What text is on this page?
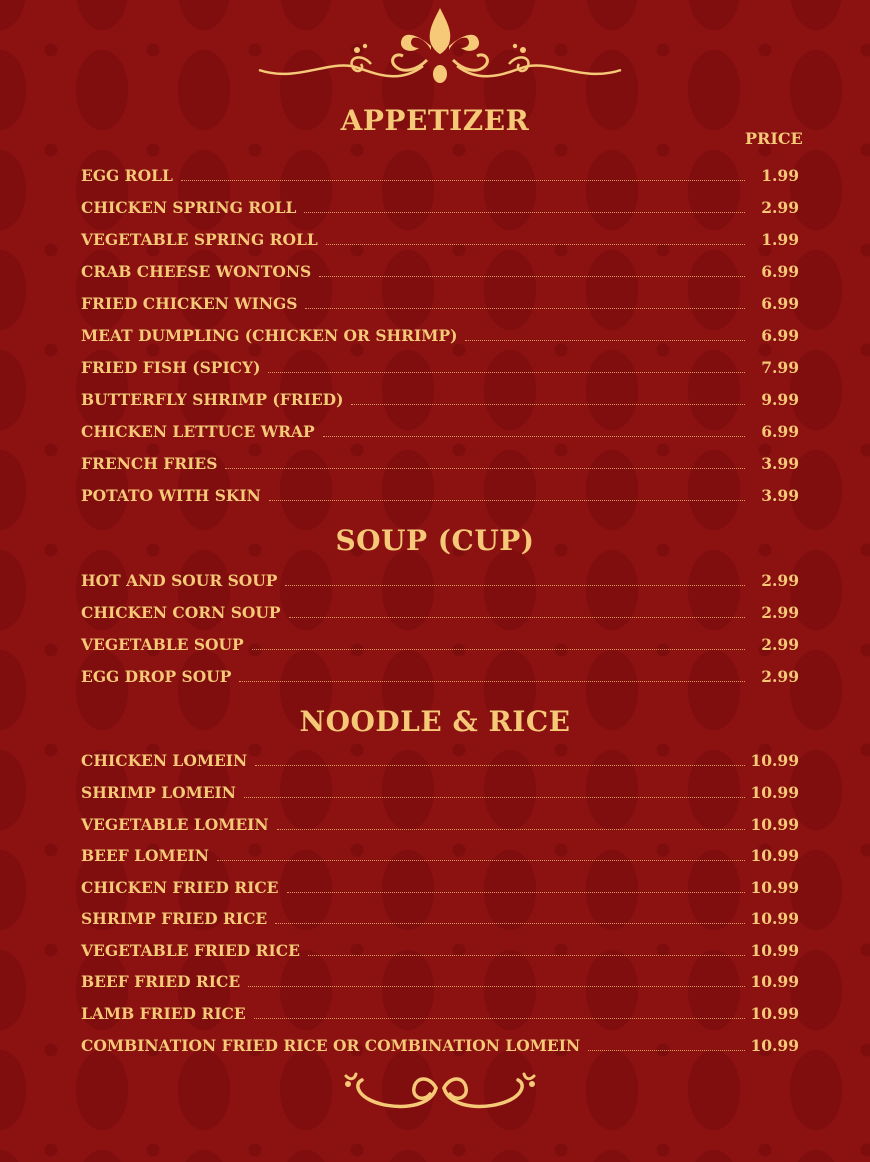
PRICE
APPETIZER
EGG ROLL	1.99
CHICKEN SPRING ROLL	2.99
VEGETABLE SPRING ROLL	1.99
CRAB CHEESE WONTONS	6.99
FRIED CHICKEN WINGS	6.99
MEAT DUMPLING (CHICKEN OR SHRIMP)	6.99
FRIED FISH (SPICY)	7.99
BUTTERFLY SHRIMP (FRIED)	9.99
CHICKEN LETTUCE WRAP	6.99
FRENCH FRIES	3.99
POTATO WITH SKIN	3.99
SOUP (CUP)
HOT AND SOUR SOUP	2.99
CHICKEN CORN SOUP	2.99
VEGETABLE SOUP	2.99
EGG DROP SOUP	2.99
NOODLE & RICE
CHICKEN LOMEIN	10.99
SHRIMP LOMEIN	10.99
VEGETABLE LOMEIN	10.99
BEEF LOMEIN	10.99
CHICKEN FRIED RICE	10.99
SHRIMP FRIED RICE	10.99
VEGETABLE FRIED RICE	10.99
BEEF FRIED RICE	10.99
LAMB FRIED RICE	10.99
COMBINATION FRIED RICE OR COMBINATION LOMEIN	10.99
